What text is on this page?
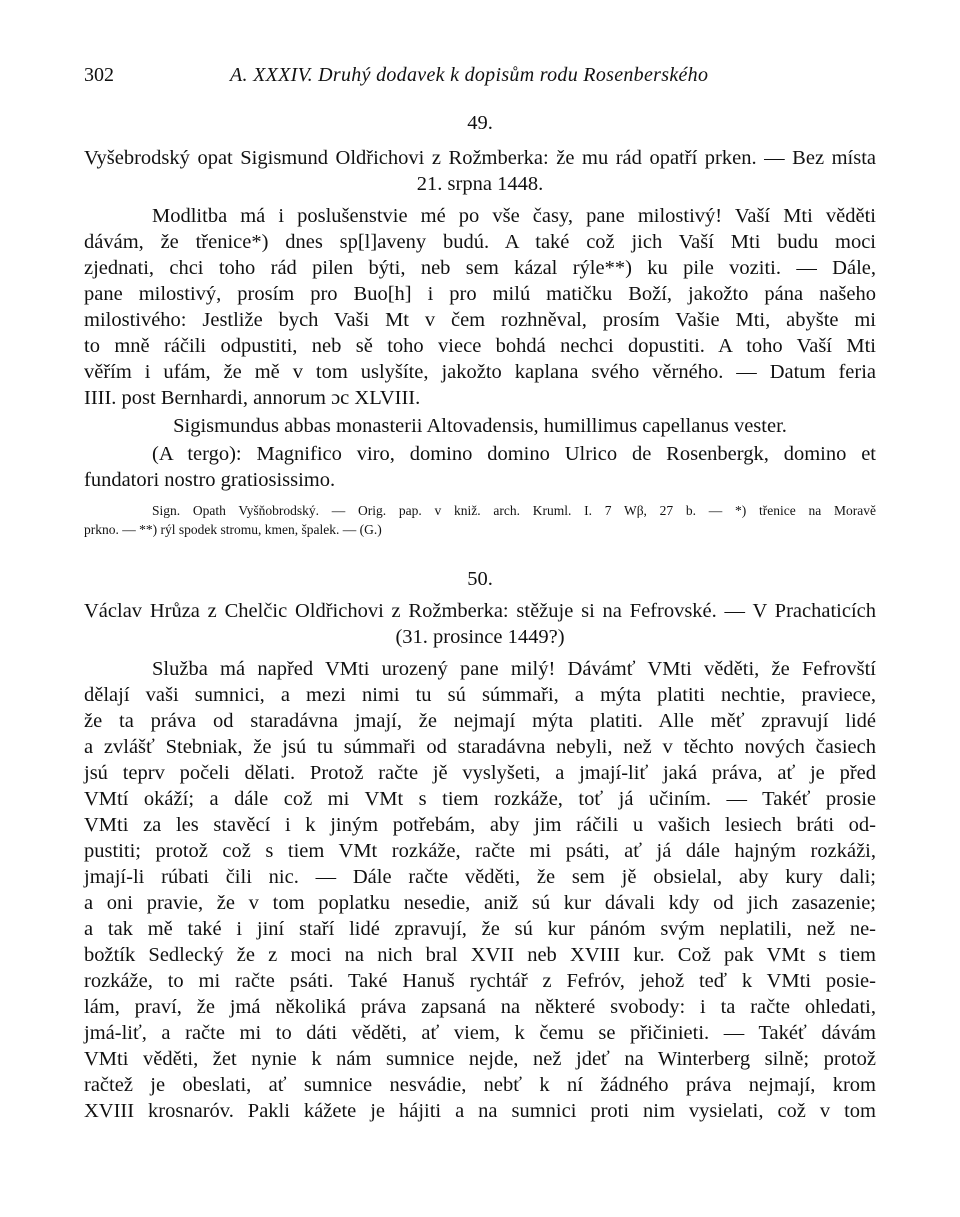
302	A. XXXIV. Druhý dodavek k dopisům rodu Rosenberského
49.
Vyšebrodský opat Sigismund Oldřichovi z Rožmberka: že mu rád opatří prken. — Bez místa
21. srpna 1448.
Modlitba má i poslušenstvie mé po vše časy, pane milostivý! Vaší Mti věděti
dávám, že třenice*) dnes sp[l]aveny budú. A také což jich Vaší Mti budu moci
zjednati, chci toho rád pilen býti, neb sem kázal rýle**) ku pile voziti. — Dále,
pane milostivý, prosím pro Buo[h] i pro milú matičku Boží, jakožto pána našeho
milostivého: Jestliže bych Vaši Mt v čem rozhněval, prosím Vašie Mti, abyšte mi
to mně ráčili odpustiti, neb sě toho viece bohdá nechci dopustiti. A toho Vaší Mti
věřím i ufám, že mě v tom uslyšíte, jakožto kaplana svého věrného. — Datum feria
IIII. post Bernhardi, annorum ɔc XLVIII.
Sigismundus abbas monasterii Altovadensis, humillimus capellanus vester.
(A tergo): Magnifico viro, domino domino Ulrico de Rosenbergk, domino et
fundatori nostro gratiosissimo.
Sign. Opath Vyšňobrodský. — Orig. pap. v kniž. arch. Kruml. I. 7 Wβ, 27 b. — *) třenice na Moravě
prkno. — **) rýl spodek stromu, kmen, špalek. — (G.)
50.
Václav Hrůza z Chelčic Oldřichovi z Rožmberka: stěžuje si na Fefrovské. — V Prachaticích
(31. prosince 1449?)
Služba má napřed VMti urozený pane milý! Dávámť VMti věděti, že Fefrovští
dělají vaši sumnici, a mezi nimi tu sú súmmaři, a mýta platiti nechtie, praviece,
že ta práva od staradávna jmají, že nejmají mýta platiti. Alle měť zpravují lidé
a zvlášť Stebniak, že jsú tu súmmaři od staradávna nebyli, než v těchto nových časiech
jsú teprv počeli dělati. Protož račte jě vyslyšeti, a jmají-liť jaká práva, ať je před
VMtí okáží; a dále což mi VMt s tiem rozkáže, toť já učiním. — Takéť prosie
VMti za les stavěcí i k jiným potřebám, aby jim ráčili u vašich lesiech bráti od-
pustiti; protož což s tiem VMt rozkáže, račte mi psáti, ať já dále hajným rozkáži,
jmají-li rúbati čili nic. — Dále račte věděti, že sem jě obsielal, aby kury dali;
a oni pravie, že v tom poplatku nesedie, aniž sú kur dávali kdy od jich zasazenie;
a tak mě také i jiní staří lidé zpravují, že sú kur pánóm svým neplatili, než ne-
božtík Sedlecký že z moci na nich bral XVII neb XVIII kur. Což pak VMt s tiem
rozkáže, to mi račte psáti. Také Hanuš rychtář z Fefróv, jehož teď k VMti posie-
lám, praví, že jmá několiká práva zapsaná na některé svobody: i ta račte ohledati,
jmá-liť, a račte mi to dáti věděti, ať viem, k čemu se přičinieti. — Takéť dávám
VMti věděti, žet nynie k nám sumnice nejde, než jdeť na Winterberg silně; protož
račtež je obeslati, ať sumnice nesvádie, nebť k ní žádného práva nejmají, krom
XVIII krosnaróv. Pakli kážete je hájiti a na sumnici proti nim vysielati, což v tom
